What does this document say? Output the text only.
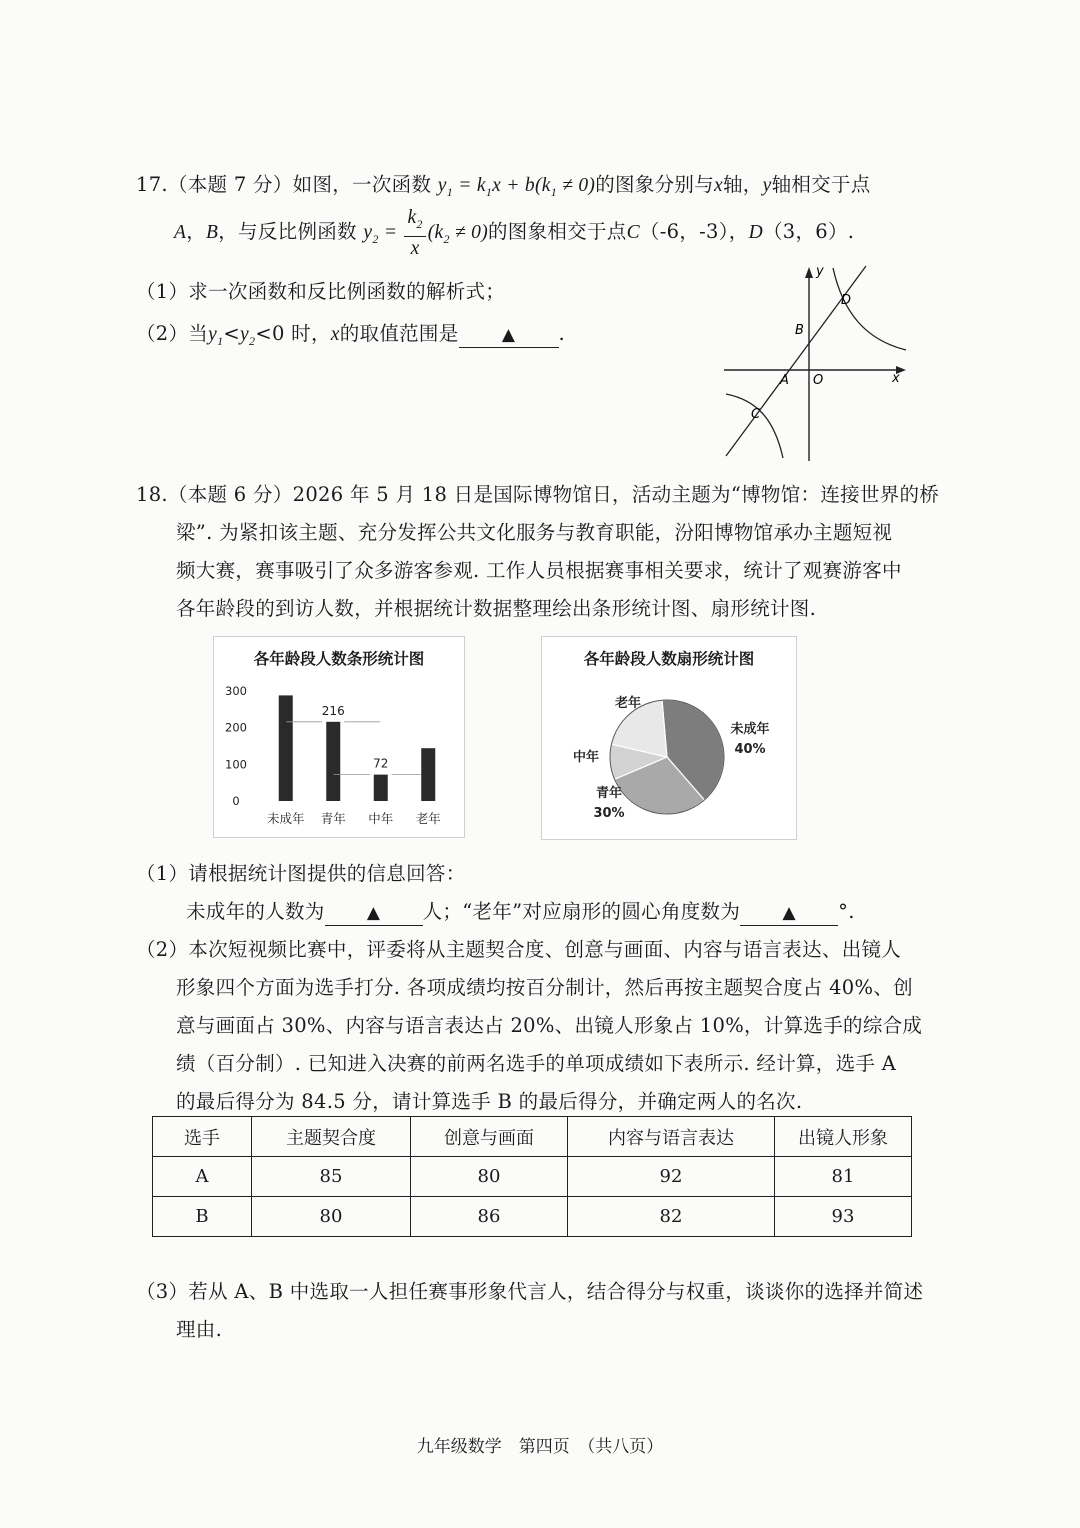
17.（本题 7 分）如图，一次函数 $y_1 = k_1x + b(k_1 \ne 0)$的图象分别与x轴，y轴相交于点
A，B，与反比例函数 $y_2 = \frac{k_2}{x} (k_2 \ne 0)$的图象相交于点C（-6，-3），D（3，6）.
（1）求一次函数和反比例函数的解析式；
（2）当$y_1<y_2<0$ 时，x的取值范围是	▲ .
y
x
O
A
B
C
D
18.（本题 6 分）2026 年 5 月 18 日是国际博物馆日，活动主题为“博物馆：连接世界的桥
梁”. 为紧扣该主题、充分发挥公共文化服务与教育职能，汾阳博物馆承办主题短视
频大赛，赛事吸引了众多游客参观. 工作人员根据赛事相关要求，统计了观赛游客中
各年龄段的到访人数，并根据统计数据整理绘出条形统计图、扇形统计图.
各年龄段人数条形统计图
0
100
200
300
未成年 青年
216
中年
72
老年
各年龄段人数扇形统计图
未成年
40%
青年
30%
中年
老年
（1）请根据统计图提供的信息回答：
未成年的人数为 ▲ 人；“老年”对应扇形的圆心角度数为 ▲ °.
（2）本次短视频比赛中，评委将从主题契合度、创意与画面、内容与语言表达、出镜人
形象四个方面为选手打分. 各项成绩均按百分制计，然后再按主题契合度占 40%、创
意与画面占 30%、内容与语言表达占 20%、出镜人形象占 10%，计算选手的综合成
绩（百分制）. 已知进入决赛的前两名选手的单项成绩如下表所示. 经计算，选手 A
的最后得分为 84.5 分，请计算选手 B 的最后得分，并确定两人的名次.
选手	主题契合度	创意与画面	内容与语言表达	出镜人形象
A	85	80	92	81
B	80	86	82	93
（3）若从 A、B 中选取一人担任赛事形象代言人，结合得分与权重，谈谈你的选择并简述
理由.
九年级数学　第四页　（共八页）
